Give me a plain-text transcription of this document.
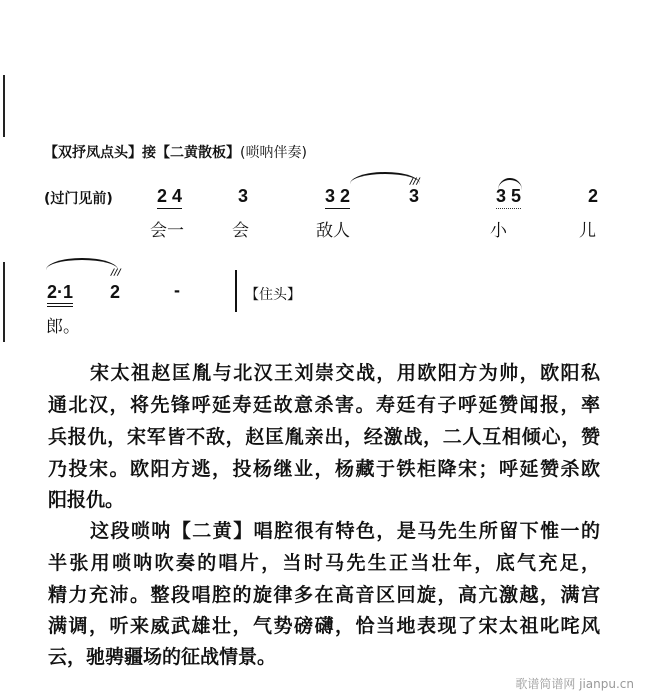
【双抒凤点头】接【二黄散板】(唢呐伴奏)
(过门见前)
///
2 4	3	3 2	3	3 5	2
会一	会	敌人	小	儿
///
2·1 2	-	【住头】
郎。
宋太祖赵匡胤与北汉王刘崇交战，用欧阳方为帅，欧阳私
通北汉，将先锋呼延寿廷故意杀害。寿廷有子呼延赞闻报，率
兵报仇，宋军皆不敌，赵匡胤亲出，经激战，二人互相倾心，赞
乃投宋。欧阳方逃，投杨继业，杨藏于铁柜降宋；呼延赞杀欧
阳报仇。
这段唢呐【二黄】唱腔很有特色，是马先生所留下惟一的
半张用唢呐吹奏的唱片，当时马先生正当壮年，底气充足，
精力充沛。整段唱腔的旋律多在高音区回旋，高亢激越，满宫
满调，听来威武雄壮，气势磅礴，恰当地表现了宋太祖叱咤风
云，驰骋疆场的征战情景。
歌谱简谱网 jianpu.cn
